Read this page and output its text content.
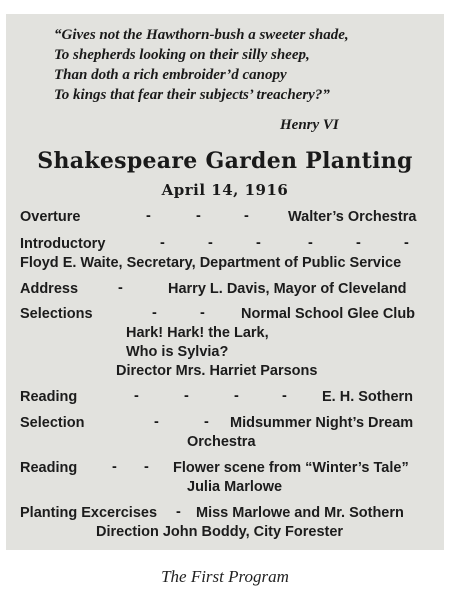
“Gives not the Hawthorn-bush a sweeter shade,
To shepherds looking on their silly sheep,
Than doth a rich embroider’d canopy
To kings that fear their subjects’ treachery?”
Henry VI
Shakespeare Garden Planting
April 14, 1916
Overture	-	-	-	Walter’s Orchestra
Introductory	-	-	-	-	-	-
Floyd E. Waite, Secretary, Department of Public Service
Address	-	Harry L. Davis, Mayor of Cleveland
Selections	-	- Normal School Glee Club
Hark! Hark! the Lark,
Who is Sylvia?
Director Mrs. Harriet Parsons
Reading	-	-	-	- E. H. Sothern
Selection	-	- Midsummer Night’s Dream
Orchestra
Reading - - Flower scene from “Winter’s Tale”
Julia Marlowe
Planting Excercises - Miss Marlowe and Mr. Sothern
Direction John Boddy, City Forester
The First Program
